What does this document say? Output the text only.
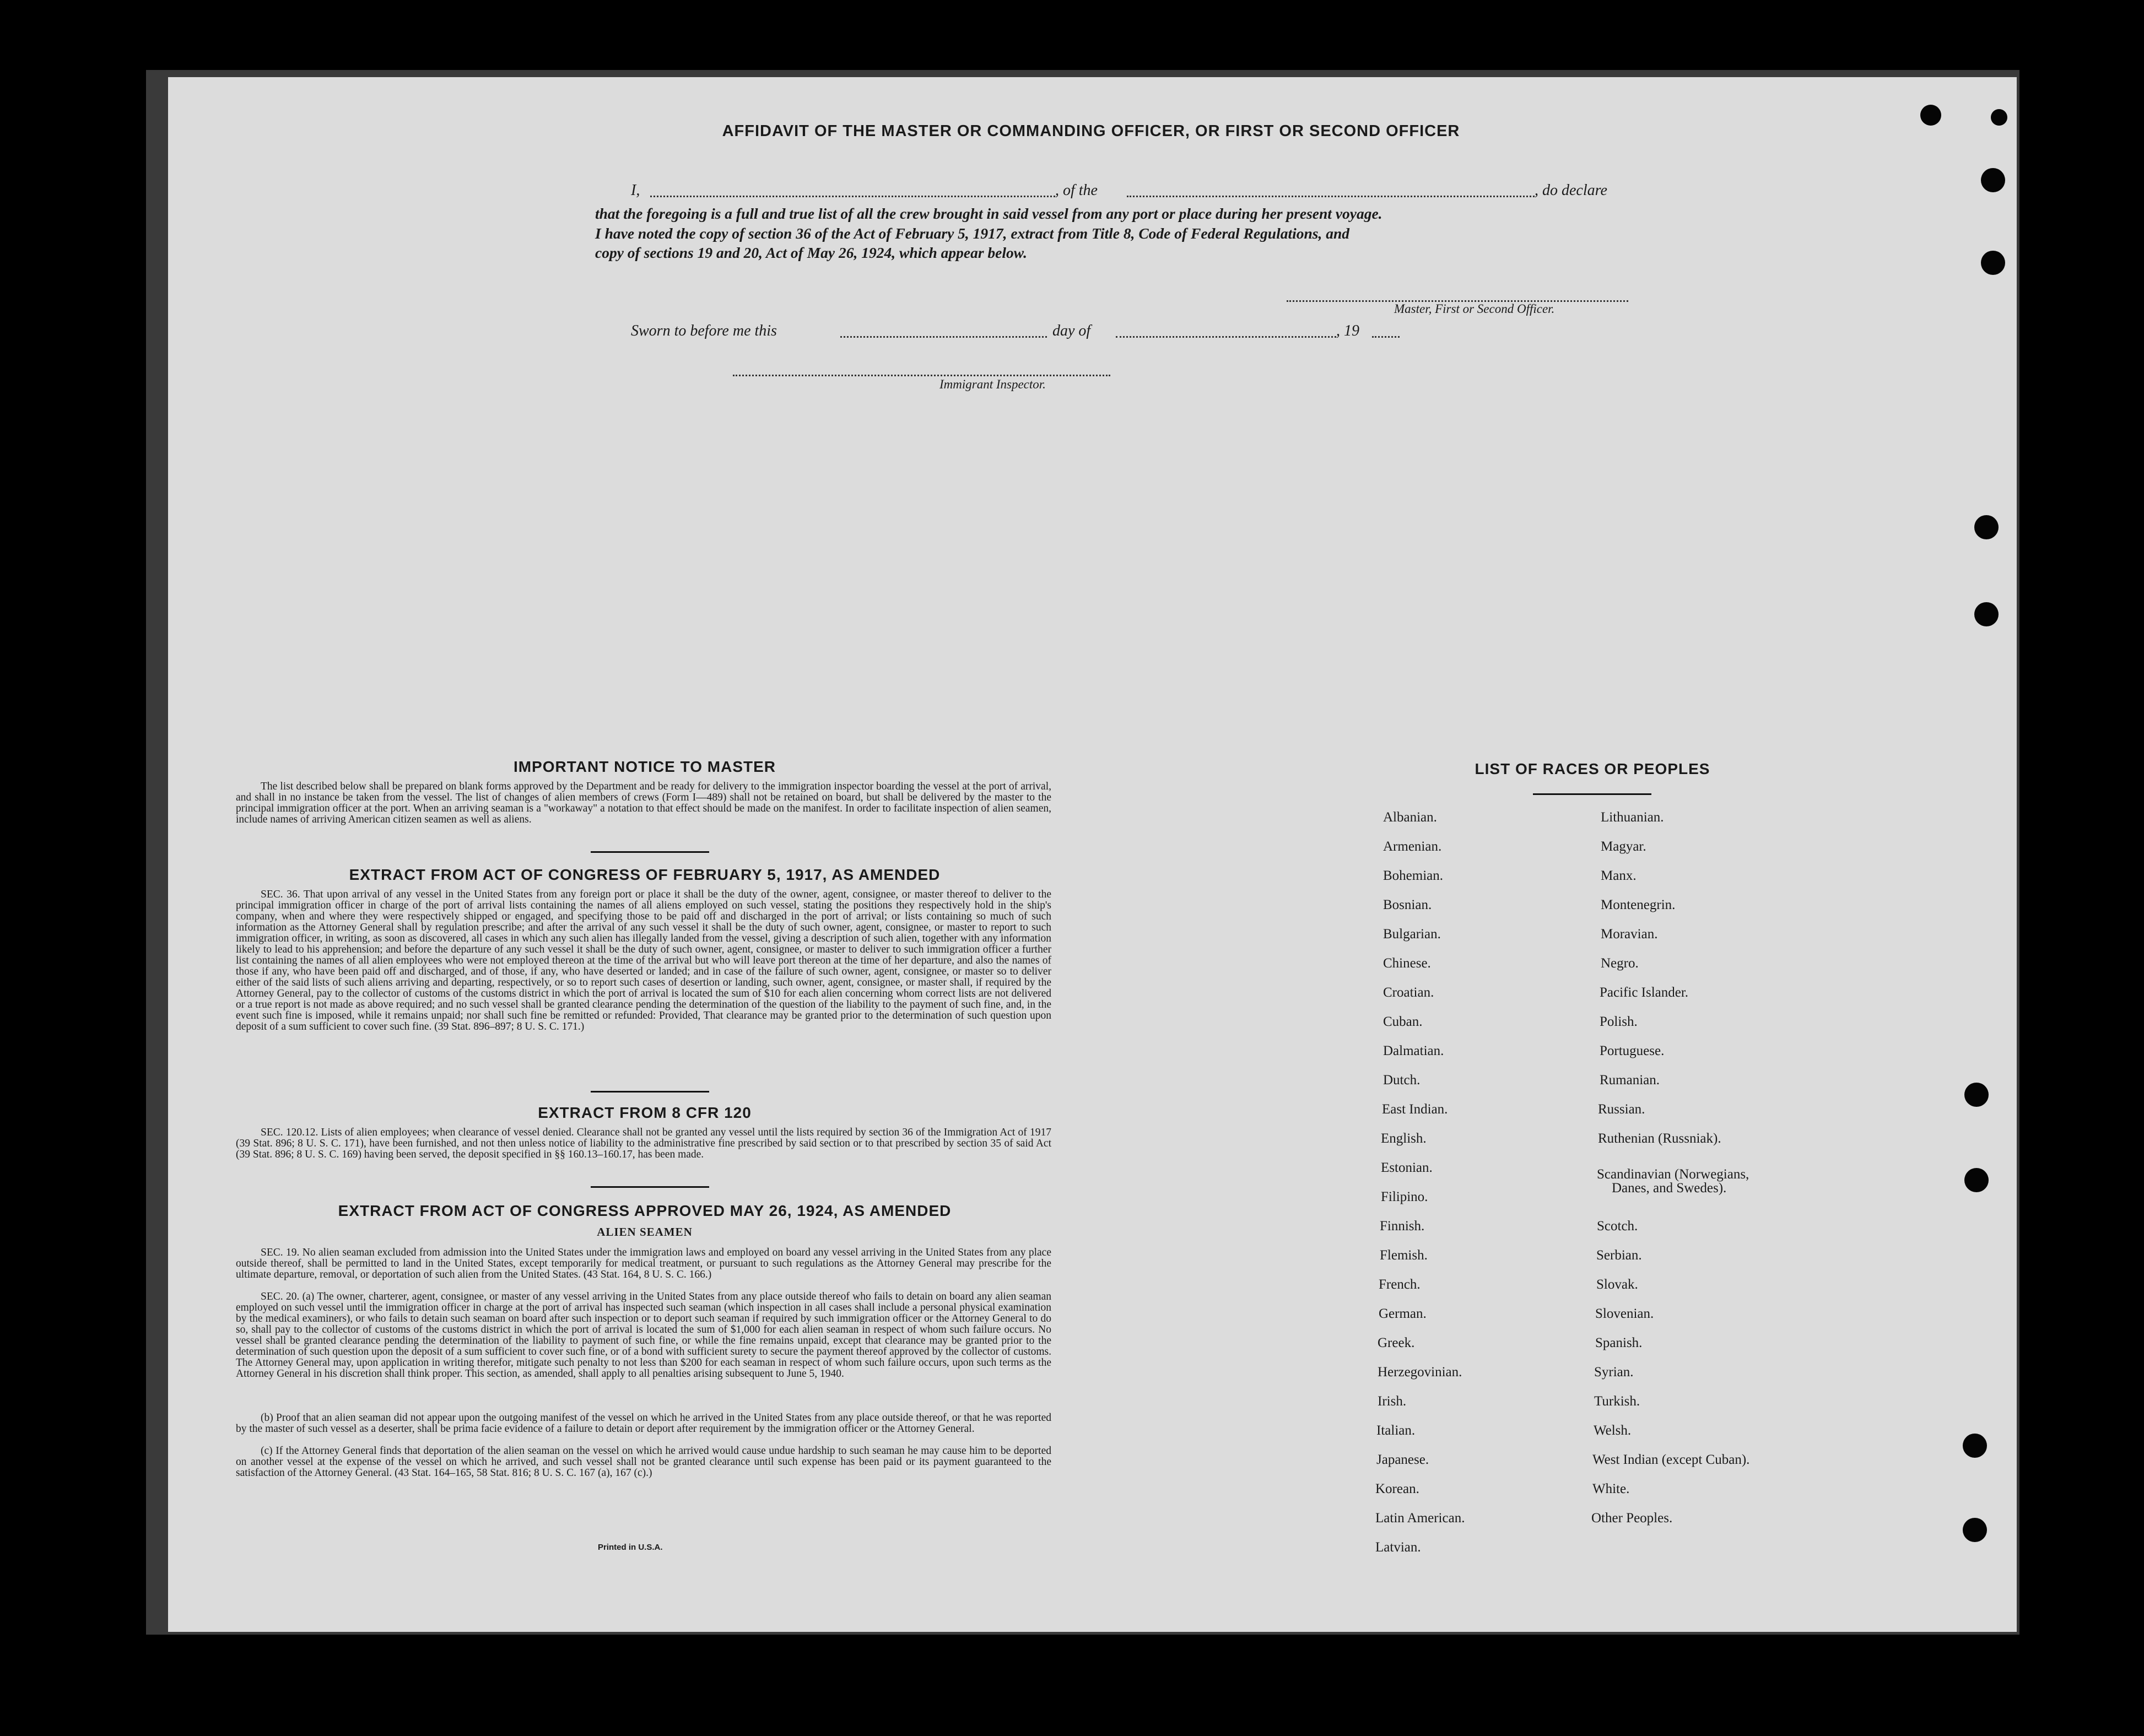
AFFIDAVIT OF THE MASTER OR COMMANDING OFFICER, OR FIRST OR SECOND OFFICER
I,	, of the	, do declare
that the foregoing is a full and true list of all the crew brought in said vessel from any port or place during her present voyage.
I have noted the copy of section 36 of the Act of February 5, 1917, extract from Title 8, Code of Federal Regulations, and
copy of sections 19 and 20, Act of May 26, 1924, which appear below.
Master, First or Second Officer.
Sworn to before me this	day of	, 19
Immigrant Inspector.
IMPORTANT NOTICE TO MASTER
The list described below shall be prepared on blank forms approved by the Department and be ready for delivery to the immigration inspector boarding the vessel at the port of arrival, and shall in no instance be taken from the vessel. The list of changes of alien members of crews (Form I—489) shall not be retained on board, but shall be delivered by the master to the principal immigration officer at the port. When an arriving seaman is a "workaway" a notation to that effect should be made on the manifest. In order to facilitate inspection of alien seamen, include names of arriving American citizen seamen as well as aliens.
EXTRACT FROM ACT OF CONGRESS OF FEBRUARY 5, 1917, AS AMENDED
SEC. 36. That upon arrival of any vessel in the United States from any foreign port or place it shall be the duty of the owner, agent, consignee, or master thereof to deliver to the principal immigration officer in charge of the port of arrival lists containing the names of all aliens employed on such vessel, stating the positions they respectively hold in the ship's company, when and where they were respectively shipped or engaged, and specifying those to be paid off and discharged in the port of arrival; or lists containing so much of such information as the Attorney General shall by regulation prescribe; and after the arrival of any such vessel it shall be the duty of such owner, agent, consignee, or master to report to such immigration officer, in writing, as soon as discovered, all cases in which any such alien has illegally landed from the vessel, giving a description of such alien, together with any information likely to lead to his apprehension; and before the departure of any such vessel it shall be the duty of such owner, agent, consignee, or master to deliver to such immigration officer a further list containing the names of all alien employees who were not employed thereon at the time of the arrival but who will leave port thereon at the time of her departure, and also the names of those if any, who have been paid off and discharged, and of those, if any, who have deserted or landed; and in case of the failure of such owner, agent, consignee, or master so to deliver either of the said lists of such aliens arriving and departing, respectively, or so to report such cases of desertion or landing, such owner, agent, consignee, or master shall, if required by the Attorney General, pay to the collector of customs of the customs district in which the port of arrival is located the sum of $10 for each alien concerning whom correct lists are not delivered or a true report is not made as above required; and no such vessel shall be granted clearance pending the determination of the question of the liability to the payment of such fine, and, in the event such fine is imposed, while it remains unpaid; nor shall such fine be remitted or refunded: Provided, That clearance may be granted prior to the determination of such question upon deposit of a sum sufficient to cover such fine. (39 Stat. 896–897; 8 U. S. C. 171.)
EXTRACT FROM 8 CFR 120
SEC. 120.12. Lists of alien employees; when clearance of vessel denied. Clearance shall not be granted any vessel until the lists required by section 36 of the Immigration Act of 1917 (39 Stat. 896; 8 U. S. C. 171), have been furnished, and not then unless notice of liability to the administrative fine prescribed by said section or to that prescribed by section 35 of said Act (39 Stat. 896; 8 U. S. C. 169) having been served, the deposit specified in §§ 160.13–160.17, has been made.
EXTRACT FROM ACT OF CONGRESS APPROVED MAY 26, 1924, AS AMENDED
ALIEN SEAMEN
SEC. 19. No alien seaman excluded from admission into the United States under the immigration laws and employed on board any vessel arriving in the United States from any place outside thereof, shall be permitted to land in the United States, except temporarily for medical treatment, or pursuant to such regulations as the Attorney General may prescribe for the ultimate departure, removal, or deportation of such alien from the United States. (43 Stat. 164, 8 U. S. C. 166.)
SEC. 20. (a) The owner, charterer, agent, consignee, or master of any vessel arriving in the United States from any place outside thereof who fails to detain on board any alien seaman employed on such vessel until the immigration officer in charge at the port of arrival has inspected such seaman (which inspection in all cases shall include a personal physical examination by the medical examiners), or who fails to detain such seaman on board after such inspection or to deport such seaman if required by such immigration officer or the Attorney General to do so, shall pay to the collector of customs of the customs district in which the port of arrival is located the sum of $1,000 for each alien seaman in respect of whom such failure occurs. No vessel shall be granted clearance pending the determination of the liability to payment of such fine, or while the fine remains unpaid, except that clearance may be granted prior to the determination of such question upon the deposit of a sum sufficient to cover such fine, or of a bond with sufficient surety to secure the payment thereof approved by the collector of customs. The Attorney General may, upon application in writing therefor, mitigate such penalty to not less than $200 for each seaman in respect of whom such failure occurs, upon such terms as the Attorney General in his discretion shall think proper. This section, as amended, shall apply to all penalties arising subsequent to June 5, 1940.
(b) Proof that an alien seaman did not appear upon the outgoing manifest of the vessel on which he arrived in the United States from any place outside thereof, or that he was reported by the master of such vessel as a deserter, shall be prima facie evidence of a failure to detain or deport after requirement by the immigration officer or the Attorney General.
(c) If the Attorney General finds that deportation of the alien seaman on the vessel on which he arrived would cause undue hardship to such seaman he may cause him to be deported on another vessel at the expense of the vessel on which he arrived, and such vessel shall not be granted clearance until such expense has been paid or its payment guaranteed to the satisfaction of the Attorney General. (43 Stat. 164–165, 58 Stat. 816; 8 U. S. C. 167 (a), 167 (c).)
Printed in U.S.A.
LIST OF RACES OR PEOPLES
Albanian.
Armenian.
Bohemian.
Bosnian.
Bulgarian.
Chinese.
Croatian.
Cuban.
Dalmatian.
Dutch.
East Indian.
English.
Estonian.
Filipino.
Finnish.
Flemish.
French.
German.
Greek.
Herzegovinian.
Irish.
Italian.
Japanese.
Korean.
Latin American.
Latvian.
Lithuanian.
Magyar.
Manx.
Montenegrin.
Moravian.
Negro.
Pacific Islander.
Polish.
Portuguese.
Rumanian.
Russian.
Ruthenian (Russniak).
Scandinavian (Norwegians,
Danes, and Swedes).
Scotch.
Serbian.
Slovak.
Slovenian.
Spanish.
Syrian.
Turkish.
Welsh.
West Indian (except Cuban).
White.
Other Peoples.
